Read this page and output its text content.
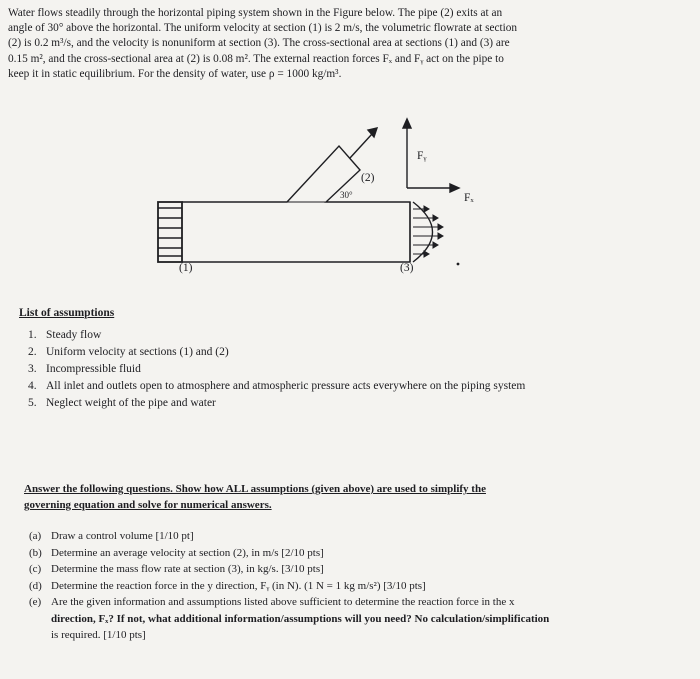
Water flows steadily through the horizontal piping system shown in the Figure below. The pipe (2) exits at an
angle of 30° above the horizontal. The uniform velocity at section (1) is 2 m/s, the volumetric flowrate at section
(2) is 0.2 m³/s, and the velocity is nonuniform at section (3). The cross-sectional area at sections (1) and (3) are
0.15 m², and the cross-sectional area at (2) is 0.08 m². The external reaction forces Fₓ and Fᵧ act on the pipe to
keep it in static equilibrium. For the density of water, use ρ = 1000 kg/m³.

30°
(2)
Fᵧ
Fₓ
(1)	(3)
List of assumptions
1. Steady flow
2. Uniform velocity at sections (1) and (2)
3. Incompressible fluid
4. All inlet and outlets open to atmosphere and atmospheric pressure acts everywhere on the piping system
5. Neglect weight of the pipe and water
Answer the following questions. Show how ALL assumptions (given above) are used to simplify the
governing equation and solve for numerical answers.
(a) Draw a control volume [1/10 pt]
(b) Determine an average velocity at section (2), in m/s [2/10 pts]
(c) Determine the mass flow rate at section (3), in kg/s. [3/10 pts]
(d) Determine the reaction force in the y direction, Fᵧ (in N). (1 N = 1 kg m/s²) [3/10 pts]
(e) Are the given information and assumptions listed above sufficient to determine the reaction force in the x
direction, Fₓ? If not, what additional information/assumptions will you need? No calculation/simplification
is required. [1/10 pts]
